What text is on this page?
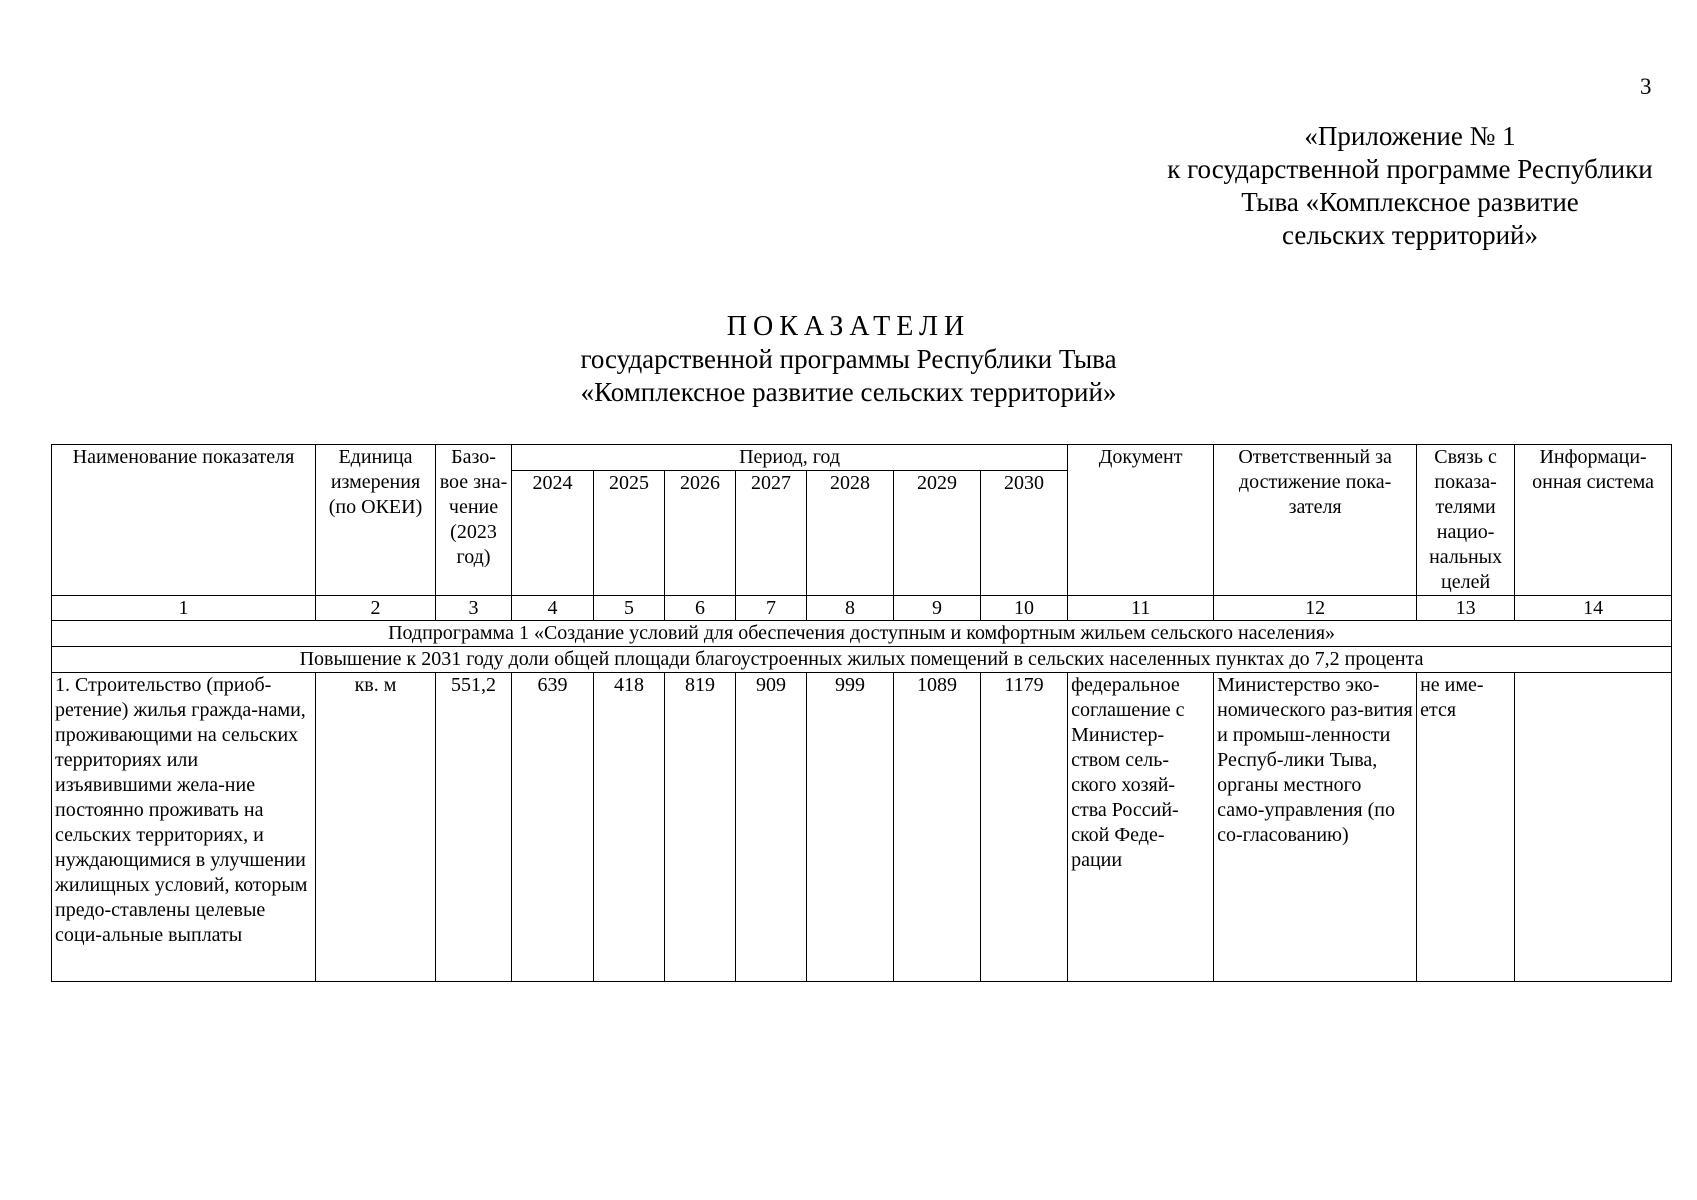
3
«Приложение № 1
к государственной программе Республики
Тыва «Комплексное развитие
сельских территорий»
ПОКАЗАТЕЛИ
государственной программы Республики Тыва
«Комплексное развитие сельских территорий»
Наименование показателя	Единица измерения (по ОКЕИ)	Базо-вое зна-чение (2023 год)	Период, год							Документ	Ответственный за достижение пока-зателя	Связь с показа-телями нацио-нальных целей	Информаци-онная система
			2024	2025	2026	2027	2028	2029	2030				
1	2	3	4	5	6	7	8	9	10	11	12	13	14
Подпрограмма 1 «Создание условий для обеспечения доступным и комфортным жильем сельского населения»													
Повышение к 2031 году доли общей площади благоустроенных жилых помещений в сельских населенных пунктах до 7,2 процента													
1. Строительство (приоб-ретение) жилья гражда-нами, проживающими на сельских территориях или изъявившими жела-ние постоянно проживать на сельских территориях, и нуждающимися в улучшении жилищных условий, которым предо-ставлены целевые соци-альные выплаты	кв. м	551,2	639	418	819	909	999	1089	1179	федеральное соглашение с Министер-ством сель-ского хозяй-ства Россий-ской Феде-рации	Министерство эко-номического раз-вития и промыш-ленности Респуб-лики Тыва, органы местного само-управления (по со-гласованию)	не име-ется	
